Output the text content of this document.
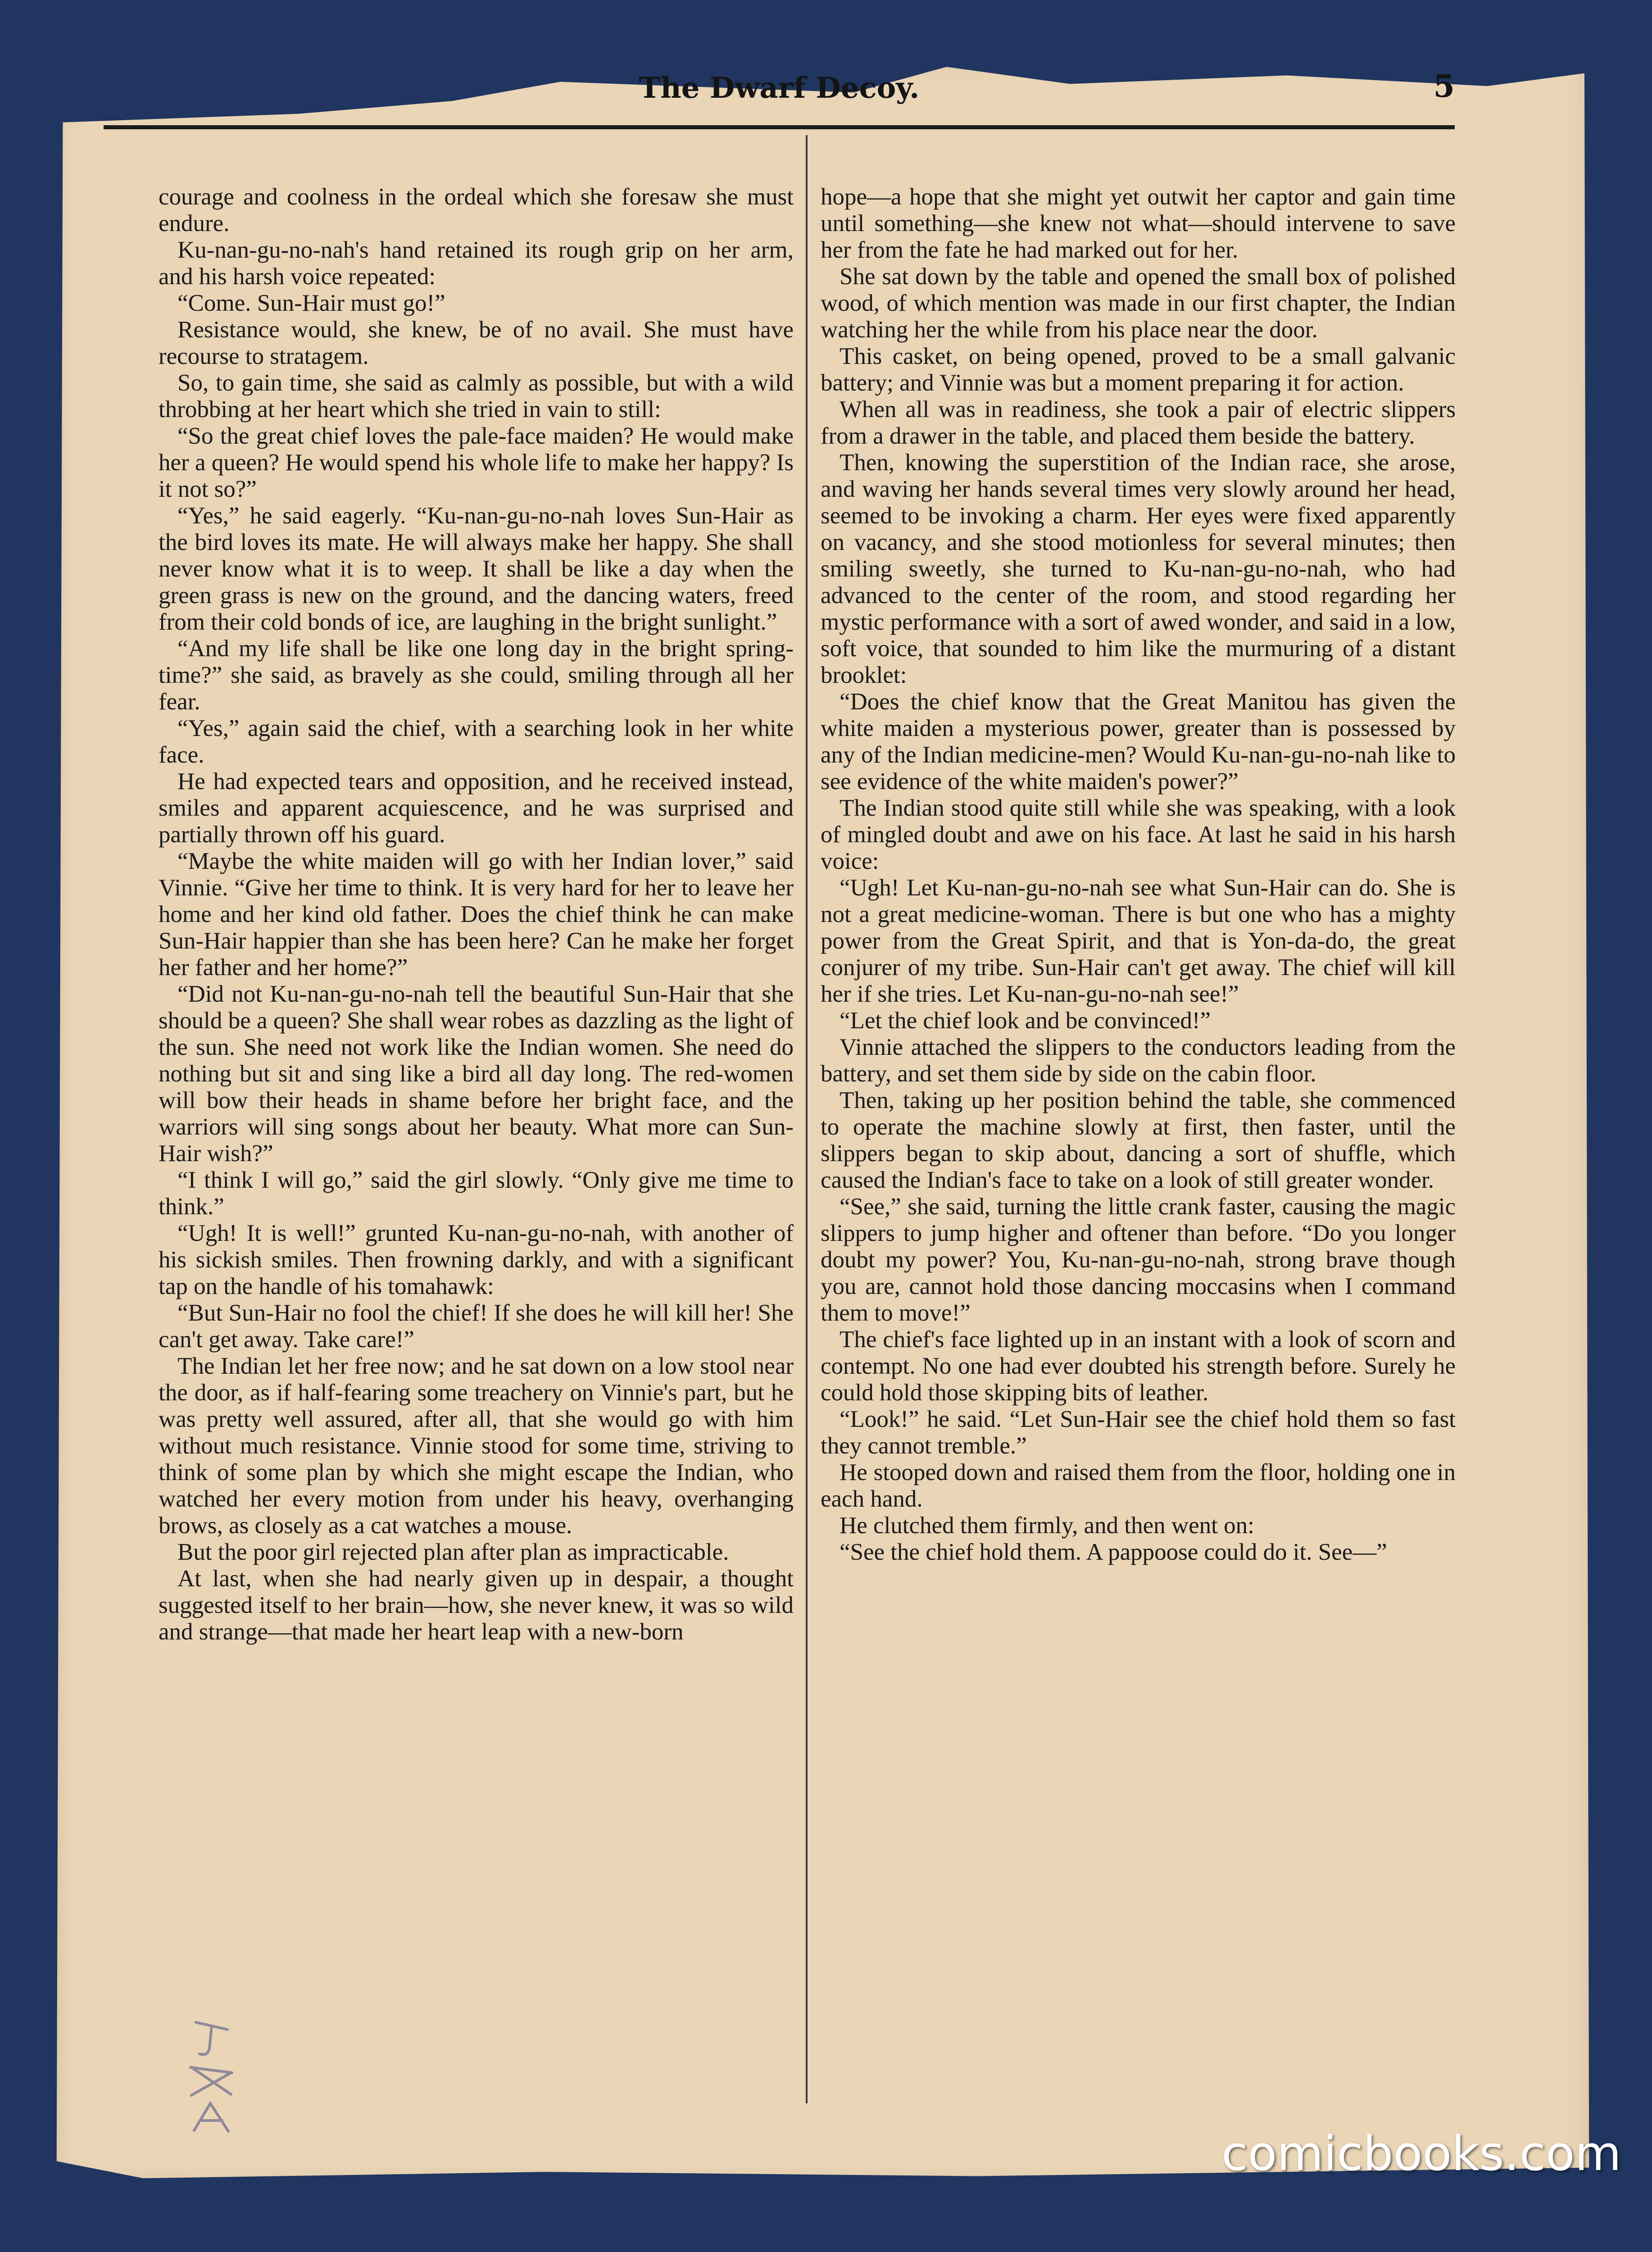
The Dwarf Decoy.	5

courage and coolness in the ordeal which she foresaw she must endure.

Ku-nan-gu-no-nah's hand retained its rough grip on her arm, and his harsh voice repeated:

“Come. Sun-Hair must go!”

Resistance would, she knew, be of no avail. She must have recourse to stratagem.

So, to gain time, she said as calmly as possible, but with a wild throbbing at her heart which she tried in vain to still:

“So the great chief loves the pale-face maiden? He would make her a queen? He would spend his whole life to make her happy? Is it not so?”

“Yes,” he said eagerly. “Ku-nan-gu-no-nah loves Sun-Hair as the bird loves its mate. He will always make her happy. She shall never know what it is to weep. It shall be like a day when the green grass is new on the ground, and the dancing waters, freed from their cold bonds of ice, are laughing in the bright sunlight.”

“And my life shall be like one long day in the bright spring-time?” she said, as bravely as she could, smiling through all her fear.

“Yes,” again said the chief, with a searching look in her white face.

He had expected tears and opposition, and he received instead, smiles and apparent acquiescence, and he was surprised and partially thrown off his guard.

“Maybe the white maiden will go with her Indian lover,” said Vinnie. “Give her time to think. It is very hard for her to leave her home and her kind old father. Does the chief think he can make Sun-Hair happier than she has been here? Can he make her forget her father and her home?”

“Did not Ku-nan-gu-no-nah tell the beautiful Sun-Hair that she should be a queen? She shall wear robes as dazzling as the light of the sun. She need not work like the Indian women. She need do nothing but sit and sing like a bird all day long. The red-women will bow their heads in shame before her bright face, and the warriors will sing songs about her beauty. What more can Sun-Hair wish?”

“I think I will go,” said the girl slowly. “Only give me time to think.”

“Ugh! It is well!” grunted Ku-nan-gu-no-nah, with another of his sickish smiles. Then frowning darkly, and with a significant tap on the handle of his tomahawk:

“But Sun-Hair no fool the chief! If she does he will kill her! She can't get away. Take care!”

The Indian let her free now; and he sat down on a low stool near the door, as if half-fearing some treachery on Vinnie's part, but he was pretty well assured, after all, that she would go with him without much resistance. Vinnie stood for some time, striving to think of some plan by which she might escape the Indian, who watched her every motion from under his heavy, overhanging brows, as closely as a cat watches a mouse.

But the poor girl rejected plan after plan as impracticable.

At last, when she had nearly given up in despair, a thought suggested itself to her brain—how, she never knew, it was so wild and strange—that made her heart leap with a new-born

hope—a hope that she might yet outwit her captor and gain time until something—she knew not what—should intervene to save her from the fate he had marked out for her.

She sat down by the table and opened the small box of polished wood, of which mention was made in our first chapter, the Indian watching her the while from his place near the door.

This casket, on being opened, proved to be a small galvanic battery; and Vinnie was but a moment preparing it for action.

When all was in readiness, she took a pair of electric slippers from a drawer in the table, and placed them beside the battery.

Then, knowing the superstition of the Indian race, she arose, and waving her hands several times very slowly around her head, seemed to be invoking a charm. Her eyes were fixed apparently on vacancy, and she stood motionless for several minutes; then smiling sweetly, she turned to Ku-nan-gu-no-nah, who had advanced to the center of the room, and stood regarding her mystic performance with a sort of awed wonder, and said in a low, soft voice, that sounded to him like the murmuring of a distant brooklet:

“Does the chief know that the Great Manitou has given the white maiden a mysterious power, greater than is possessed by any of the Indian medicine-men? Would Ku-nan-gu-no-nah like to see evidence of the white maiden's power?”

The Indian stood quite still while she was speaking, with a look of mingled doubt and awe on his face. At last he said in his harsh voice:

“Ugh! Let Ku-nan-gu-no-nah see what Sun-Hair can do. She is not a great medicine-woman. There is but one who has a mighty power from the Great Spirit, and that is Yon-da-do, the great conjurer of my tribe. Sun-Hair can't get away. The chief will kill her if she tries. Let Ku-nan-gu-no-nah see!”

“Let the chief look and be convinced!”

Vinnie attached the slippers to the conductors leading from the battery, and set them side by side on the cabin floor.

Then, taking up her position behind the table, she commenced to operate the machine slowly at first, then faster, until the slippers began to skip about, dancing a sort of shuffle, which caused the Indian's face to take on a look of still greater wonder.

“See,” she said, turning the little crank faster, causing the magic slippers to jump higher and oftener than before. “Do you longer doubt my power? You, Ku-nan-gu-no-nah, strong brave though you are, cannot hold those dancing moccasins when I command them to move!”

The chief's face lighted up in an instant with a look of scorn and contempt. No one had ever doubted his strength before. Surely he could hold those skipping bits of leather.

“Look!” he said. “Let Sun-Hair see the chief hold them so fast they cannot tremble.”

He stooped down and raised them from the floor, holding one in each hand.

He clutched them firmly, and then went on:

“See the chief hold them. A pappoose could do it. See—”

comicbooks.com
